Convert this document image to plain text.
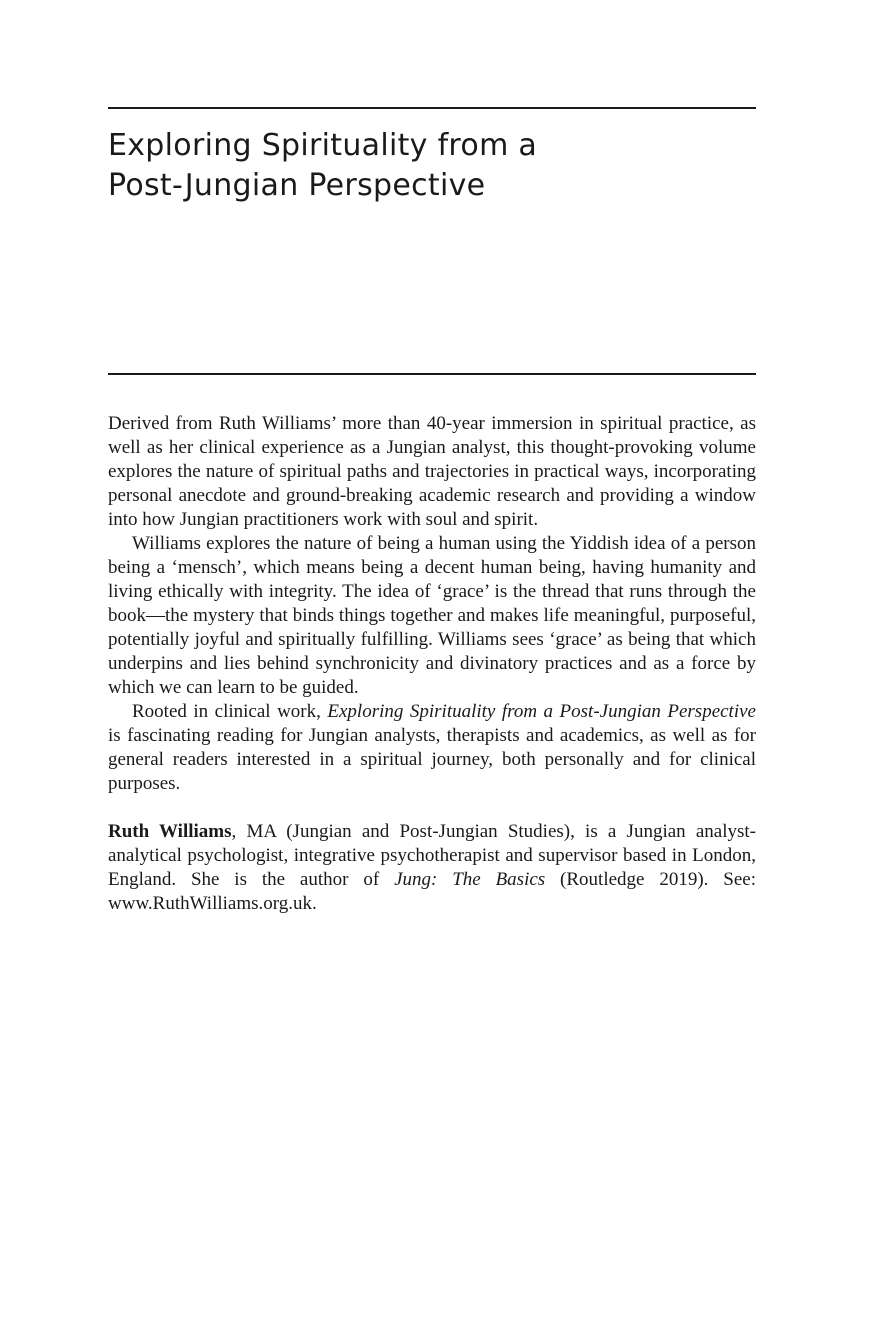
Exploring Spirituality from a
Post-Jungian Perspective

Derived from Ruth Williams’ more than 40-year immersion in spiritual practice, as well as her clinical experience as a Jungian analyst, this thought-provoking volume explores the nature of spiritual paths and trajectories in practical ways, incorporating personal anecdote and ground-breaking academic research and providing a window into how Jungian practitioners work with soul and spirit.

Williams explores the nature of being a human using the Yiddish idea of a person being a ‘mensch’, which means being a decent human being, having humanity and living ethically with integrity. The idea of ‘grace’ is the thread that runs through the book—the mystery that binds things together and makes life meaningful, purposeful, potentially joyful and spiritually fulfilling. Williams sees ‘grace’ as being that which underpins and lies behind synchronicity and divinatory practices and as a force by which we can learn to be guided.

Rooted in clinical work, Exploring Spirituality from a Post-Jungian Perspective is fascinating reading for Jungian analysts, therapists and academics, as well as for general readers interested in a spiritual journey, both personally and for clinical purposes.

Ruth Williams, MA (Jungian and Post-Jungian Studies), is a Jungian analyst-analytical psychologist, integrative psychotherapist and supervisor based in London, England. She is the author of Jung: The Basics (Routledge 2019). See: www.RuthWilliams.org.uk.
